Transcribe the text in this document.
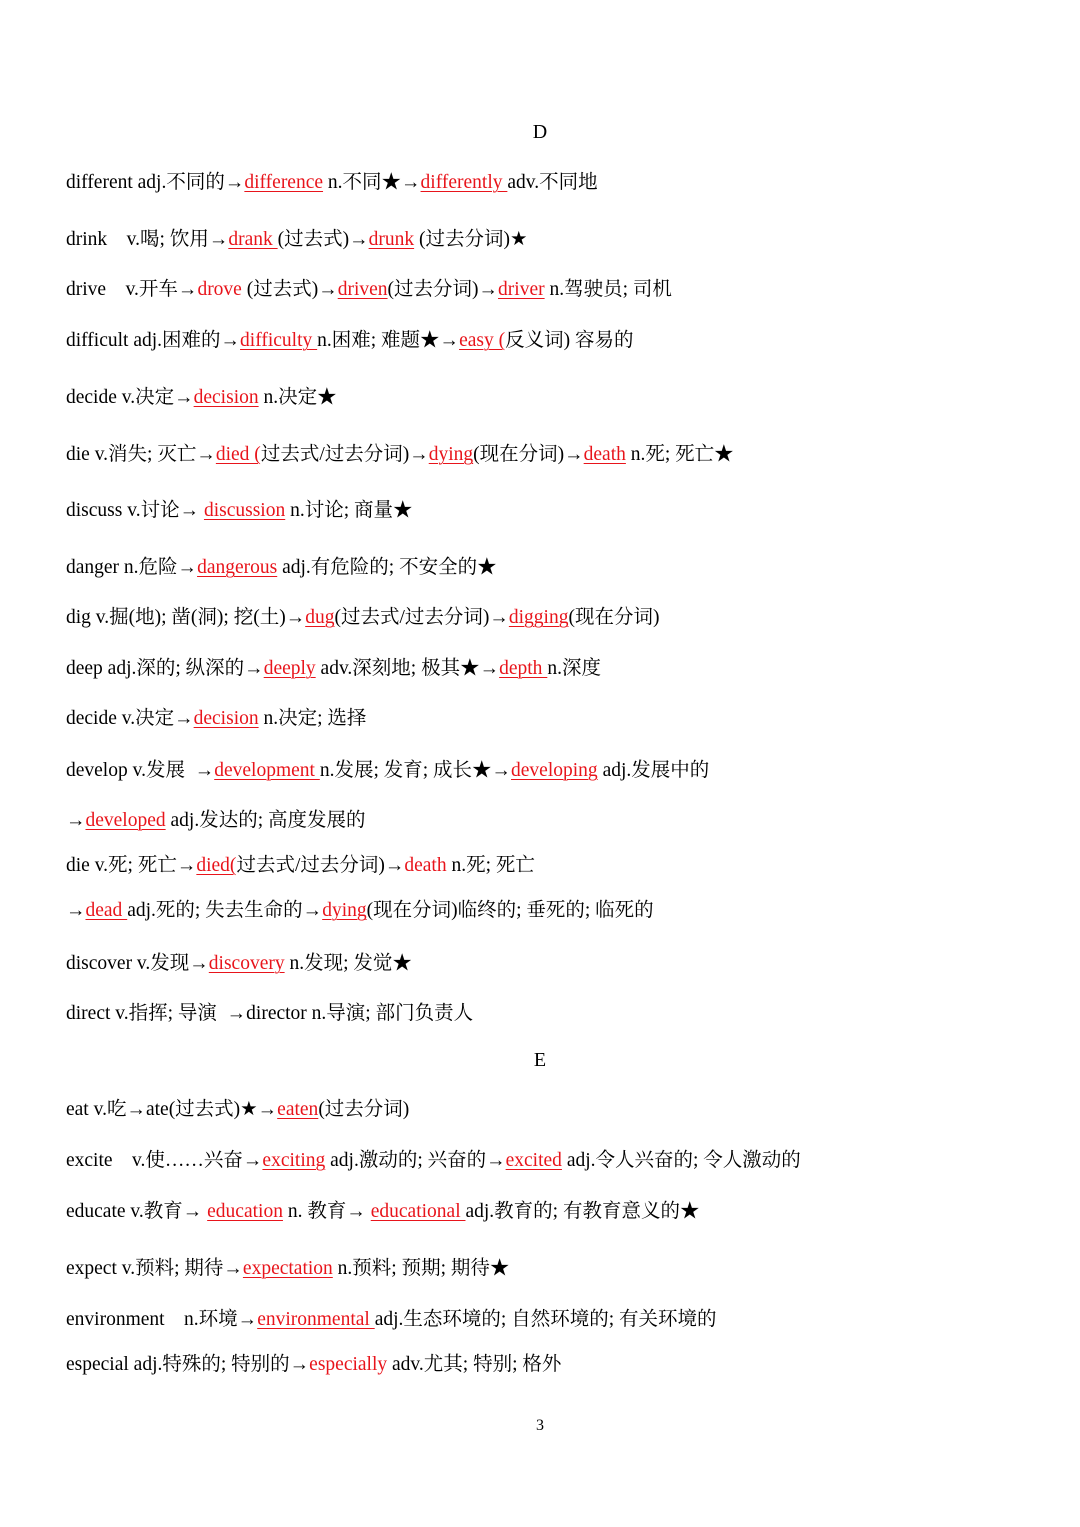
D
different adj.不同的→difference n.不同★→differently adv.不同地
drink    v.喝; 饮用→drank (过去式)→drunk (过去分词)★
drive    v.开车→drove (过去式)→driven(过去分词)→driver n.驾驶员; 司机
difficult adj.困难的→difficulty n.困难; 难题★→easy (反义词) 容易的
decide v.决定→decision n.决定★
die v.消失; 灭亡→died (过去式/过去分词)→dying(现在分词)→death n.死; 死亡★
discuss v.讨论→ discussion n.讨论; 商量★
danger n.危险→dangerous adj.有危险的; 不安全的★
dig v.掘(地); 凿(洞); 挖(土)→dug(过去式/过去分词)→digging(现在分词)
deep adj.深的; 纵深的→deeply adv.深刻地; 极其★→depth n.深度
decide v.决定→decision n.决定; 选择
develop v.发展  →development n.发展; 发育; 成长★→developing adj.发展中的
→developed adj.发达的; 高度发展的
die v.死; 死亡→died(过去式/过去分词)→death n.死; 死亡
→dead adj.死的; 失去生命的→dying(现在分词)临终的; 垂死的; 临死的
discover v.发现→discovery n.发现; 发觉★
direct v.指挥; 导演  →director n.导演; 部门负责人
E
eat v.吃→ate(过去式)★→eaten(过去分词)
excite    v.使……兴奋→exciting adj.激动的; 兴奋的→excited adj.令人兴奋的; 令人激动的
educate v.教育→ education n. 教育→ educational adj.教育的; 有教育意义的★
expect v.预料; 期待→expectation n.预料; 预期; 期待★
environment    n.环境→environmental adj.生态环境的; 自然环境的; 有关环境的
especial adj.特殊的; 特别的→especially adv.尤其; 特别; 格外
3
